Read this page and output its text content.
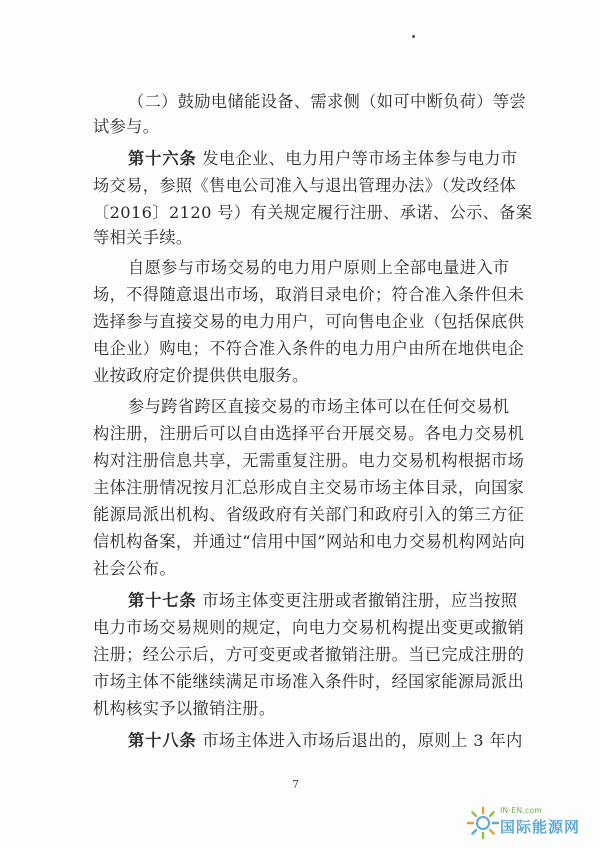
（二）鼓励电储能设备、需求侧（如可中断负荷）等尝
试参与。
第十六条 发电企业、电力用户等市场主体参与电力市
场交易，参照《售电公司准入与退出管理办法》（发改经体
〔2016〕2120 号）有关规定履行注册、承诺、公示、备案
等相关手续。
自愿参与市场交易的电力用户原则上全部电量进入市
场，不得随意退出市场，取消目录电价；符合准入条件但未
选择参与直接交易的电力用户，可向售电企业（包括保底供
电企业）购电；不符合准入条件的电力用户由所在地供电企
业按政府定价提供供电服务。
参与跨省跨区直接交易的市场主体可以在任何交易机
构注册，注册后可以自由选择平台开展交易。各电力交易机
构对注册信息共享，无需重复注册。电力交易机构根据市场
主体注册情况按月汇总形成自主交易市场主体目录，向国家
能源局派出机构、省级政府有关部门和政府引入的第三方征
信机构备案，并通过“信用中国”网站和电力交易机构网站向
社会公布。
第十七条 市场主体变更注册或者撤销注册，应当按照
电力市场交易规则的规定，向电力交易机构提出变更或撤销
注册；经公示后，方可变更或者撤销注册。当已完成注册的
市场主体不能继续满足市场准入条件时，经国家能源局派出
机构核实予以撤销注册。
第十八条 市场主体进入市场后退出的，原则上 3 年内
7
IN-EN.com
国际能源网
